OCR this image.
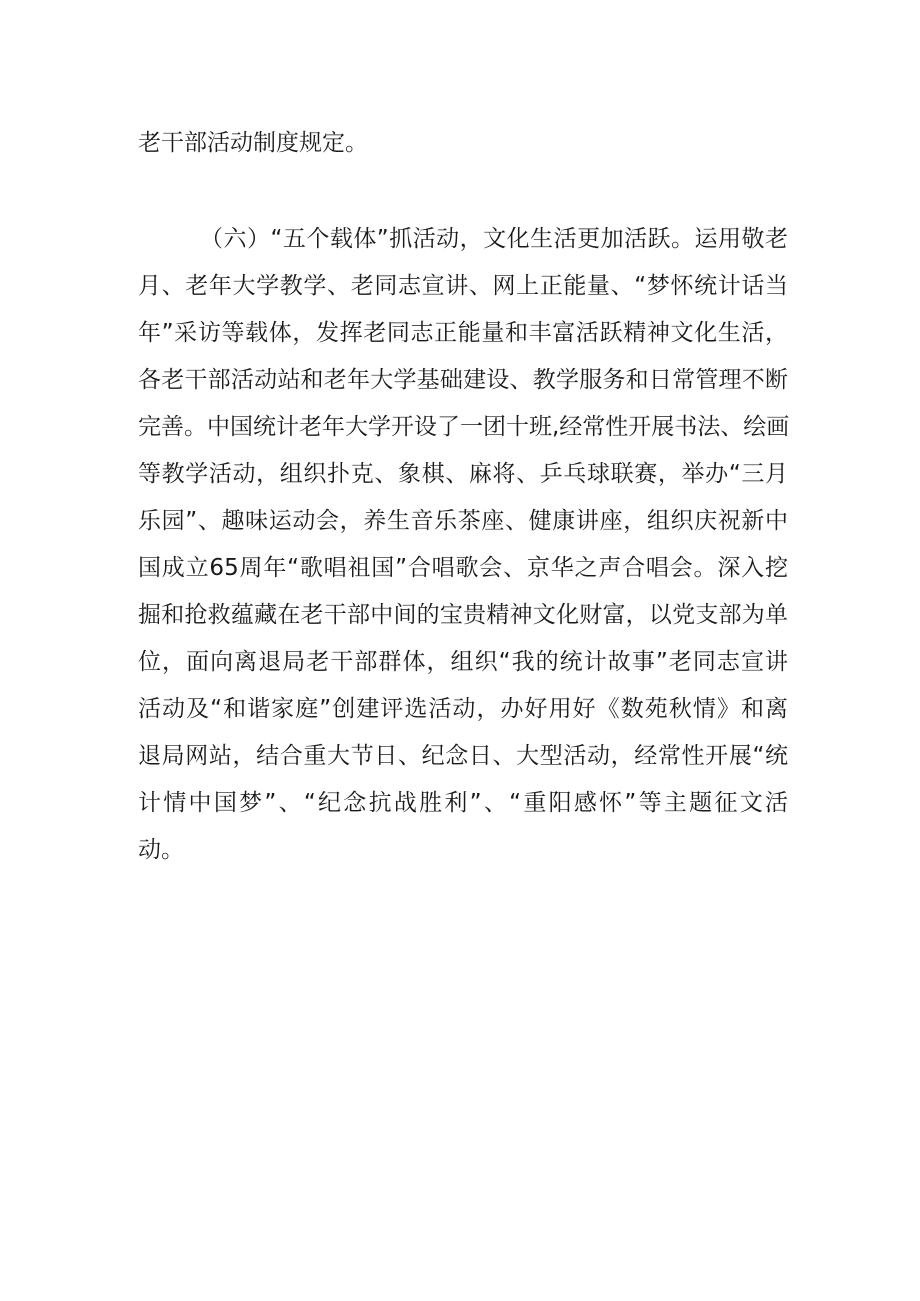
老干部活动制度规定。
（六）“五个载体”抓活动，文化生活更加活跃。运用敬老
月、老年大学教学、老同志宣讲、网上正能量、“梦怀统计话当
年”采访等载体，发挥老同志正能量和丰富活跃精神文化生活，
各老干部活动站和老年大学基础建设、教学服务和日常管理不断
完善。中国统计老年大学开设了一团十班,经常性开展书法、绘画
等教学活动，组织扑克、象棋、麻将、乒乓球联赛，举办“三月
乐园”、趣味运动会，养生音乐茶座、健康讲座，组织庆祝新中
国成立65周年“歌唱祖国”合唱歌会、京华之声合唱会。深入挖
掘和抢救蕴藏在老干部中间的宝贵精神文化财富，以党支部为单
位，面向离退局老干部群体，组织“我的统计故事”老同志宣讲
活动及“和谐家庭”创建评选活动，办好用好《数苑秋情》和离
退局网站，结合重大节日、纪念日、大型活动，经常性开展“统
计情中国梦”、“纪念抗战胜利”、“重阳感怀”等主题征文活
动。
